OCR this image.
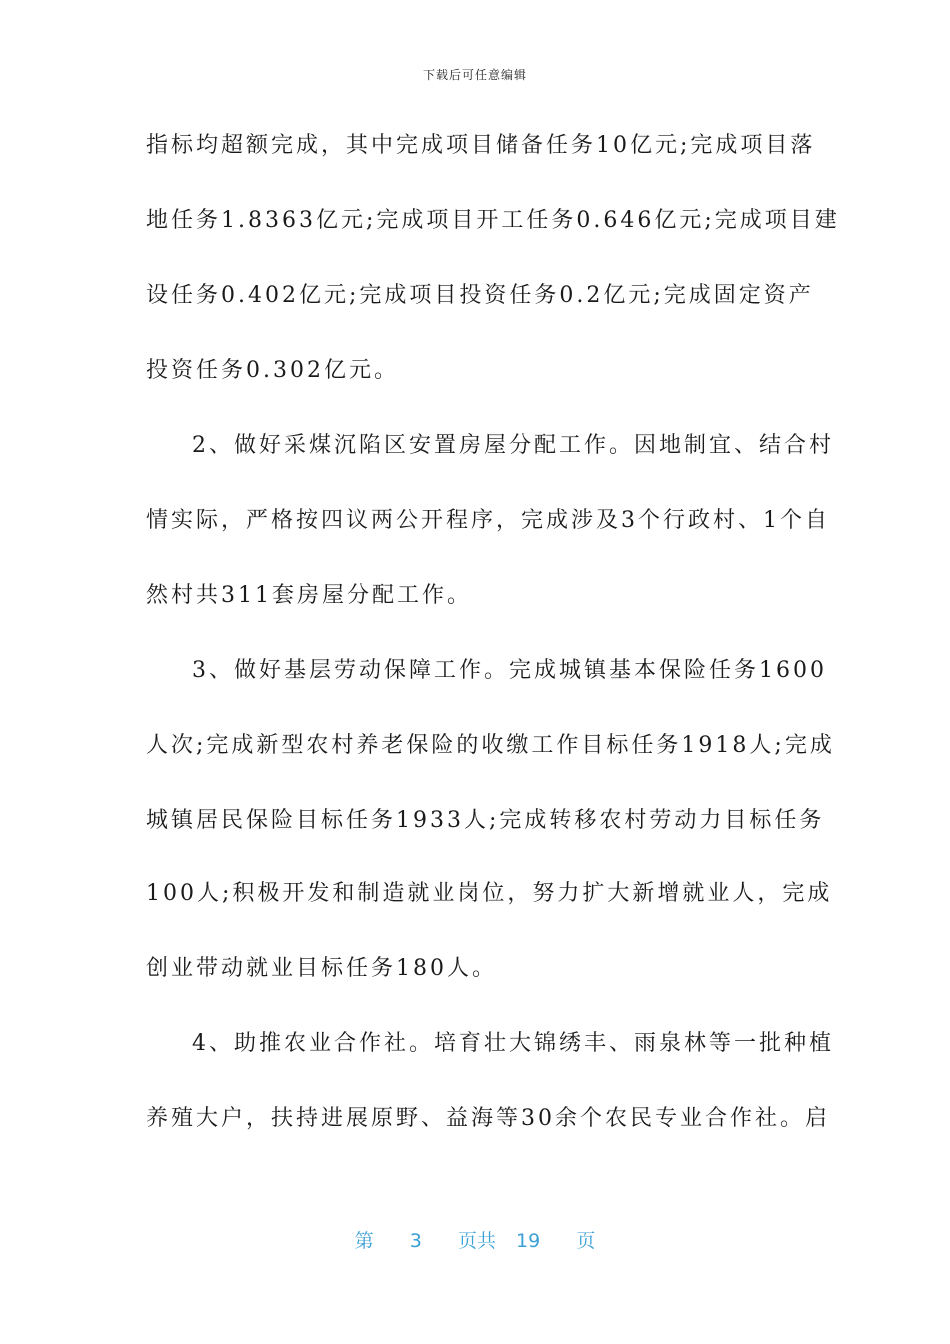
下载后可任意编辑
指标均超额完成，其中完成项目储备任务10亿元;完成项目落
地任务1.8363亿元;完成项目开工任务0.646亿元;完成项目建
设任务0.402亿元;完成项目投资任务0.2亿元;完成固定资产
投资任务0.302亿元。
2、做好采煤沉陷区安置房屋分配工作。因地制宜、结合村
情实际，严格按四议两公开程序，完成涉及3个行政村、1个自
然村共311套房屋分配工作。
3、做好基层劳动保障工作。完成城镇基本保险任务1600
人次;完成新型农村养老保险的收缴工作目标任务1918人;完成
城镇居民保险目标任务1933人;完成转移农村劳动力目标任务
100人;积极开发和制造就业岗位，努力扩大新增就业人，完成
创业带动就业目标任务180人。
4、助推农业合作社。培育壮大锦绣丰、雨泉林等一批种植
养殖大户，扶持进展原野、益海等30余个农民专业合作社。启
第 3 页共 19 页
